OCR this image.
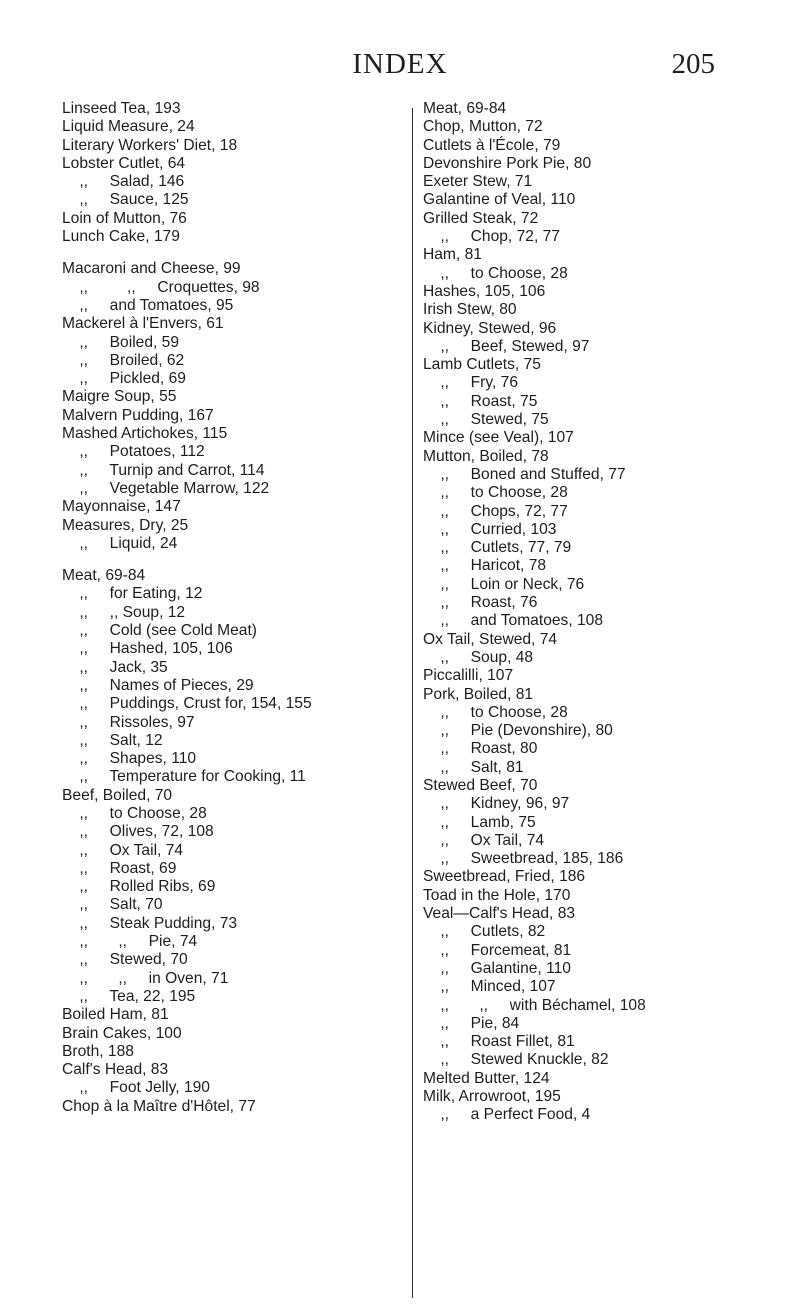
INDEX	205
Linseed Tea, 193
Liquid Measure, 24
Literary Workers' Diet, 18
Lobster Cutlet, 64
,,     Salad, 146
,,     Sauce, 125
Loin of Mutton, 76
Lunch Cake, 179
Macaroni and Cheese, 99
,,         ,,     Croquettes, 98
,,     and Tomatoes, 95
Mackerel à l'Envers, 61
,,     Boiled, 59
,,     Broiled, 62
,,     Pickled, 69
Maigre Soup, 55
Malvern Pudding, 167
Mashed Artichokes, 115
,,     Potatoes, 112
,,     Turnip and Carrot, 114
,,     Vegetable Marrow, 122
Mayonnaise, 147
Measures, Dry, 25
,,     Liquid, 24
Meat, 69-84
,,     for Eating, 12
,,     ,, Soup, 12
,,     Cold (see Cold Meat)
,,     Hashed, 105, 106
,,     Jack, 35
,,     Names of Pieces, 29
,,     Puddings, Crust for, 154, 155
,,     Rissoles, 97
,,     Salt, 12
,,     Shapes, 110
,,     Temperature for Cooking, 11
Beef, Boiled, 70
,,     to Choose, 28
,,     Olives, 72, 108
,,     Ox Tail, 74
,,     Roast, 69
,,     Rolled Ribs, 69
,,     Salt, 70
,,     Steak Pudding, 73
,,       ,,     Pie, 74
,,     Stewed, 70
,,       ,,     in Oven, 71
,,     Tea, 22, 195
Boiled Ham, 81
Brain Cakes, 100
Broth, 188
Calf's Head, 83
,,     Foot Jelly, 190
Chop à la Maître d'Hôtel, 77
Meat, 69-84
Chop, Mutton, 72
Cutlets à l'École, 79
Devonshire Pork Pie, 80
Exeter Stew, 71
Galantine of Veal, 110
Grilled Steak, 72
,,     Chop, 72, 77
Ham, 81
,,     to Choose, 28
Hashes, 105, 106
Irish Stew, 80
Kidney, Stewed, 96
,,     Beef, Stewed, 97
Lamb Cutlets, 75
,,     Fry, 76
,,     Roast, 75
,,     Stewed, 75
Mince (see Veal), 107
Mutton, Boiled, 78
,,     Boned and Stuffed, 77
,,     to Choose, 28
,,     Chops, 72, 77
,,     Curried, 103
,,     Cutlets, 77, 79
,,     Haricot, 78
,,     Loin or Neck, 76
,,     Roast, 76
,,     and Tomatoes, 108
Ox Tail, Stewed, 74
,,     Soup, 48
Piccalilli, 107
Pork, Boiled, 81
,,     to Choose, 28
,,     Pie (Devonshire), 80
,,     Roast, 80
,,     Salt, 81
Stewed Beef, 70
,,     Kidney, 96, 97
,,     Lamb, 75
,,     Ox Tail, 74
,,     Sweetbread, 185, 186
Sweetbread, Fried, 186
Toad in the Hole, 170
Veal—Calf's Head, 83
,,     Cutlets, 82
,,     Forcemeat, 81
,,     Galantine, 110
,,     Minced, 107
,,       ,,     with Béchamel, 108
,,     Pie, 84
,,     Roast Fillet, 81
,,     Stewed Knuckle, 82
Melted Butter, 124
Milk, Arrowroot, 195
,,     a Perfect Food, 4
